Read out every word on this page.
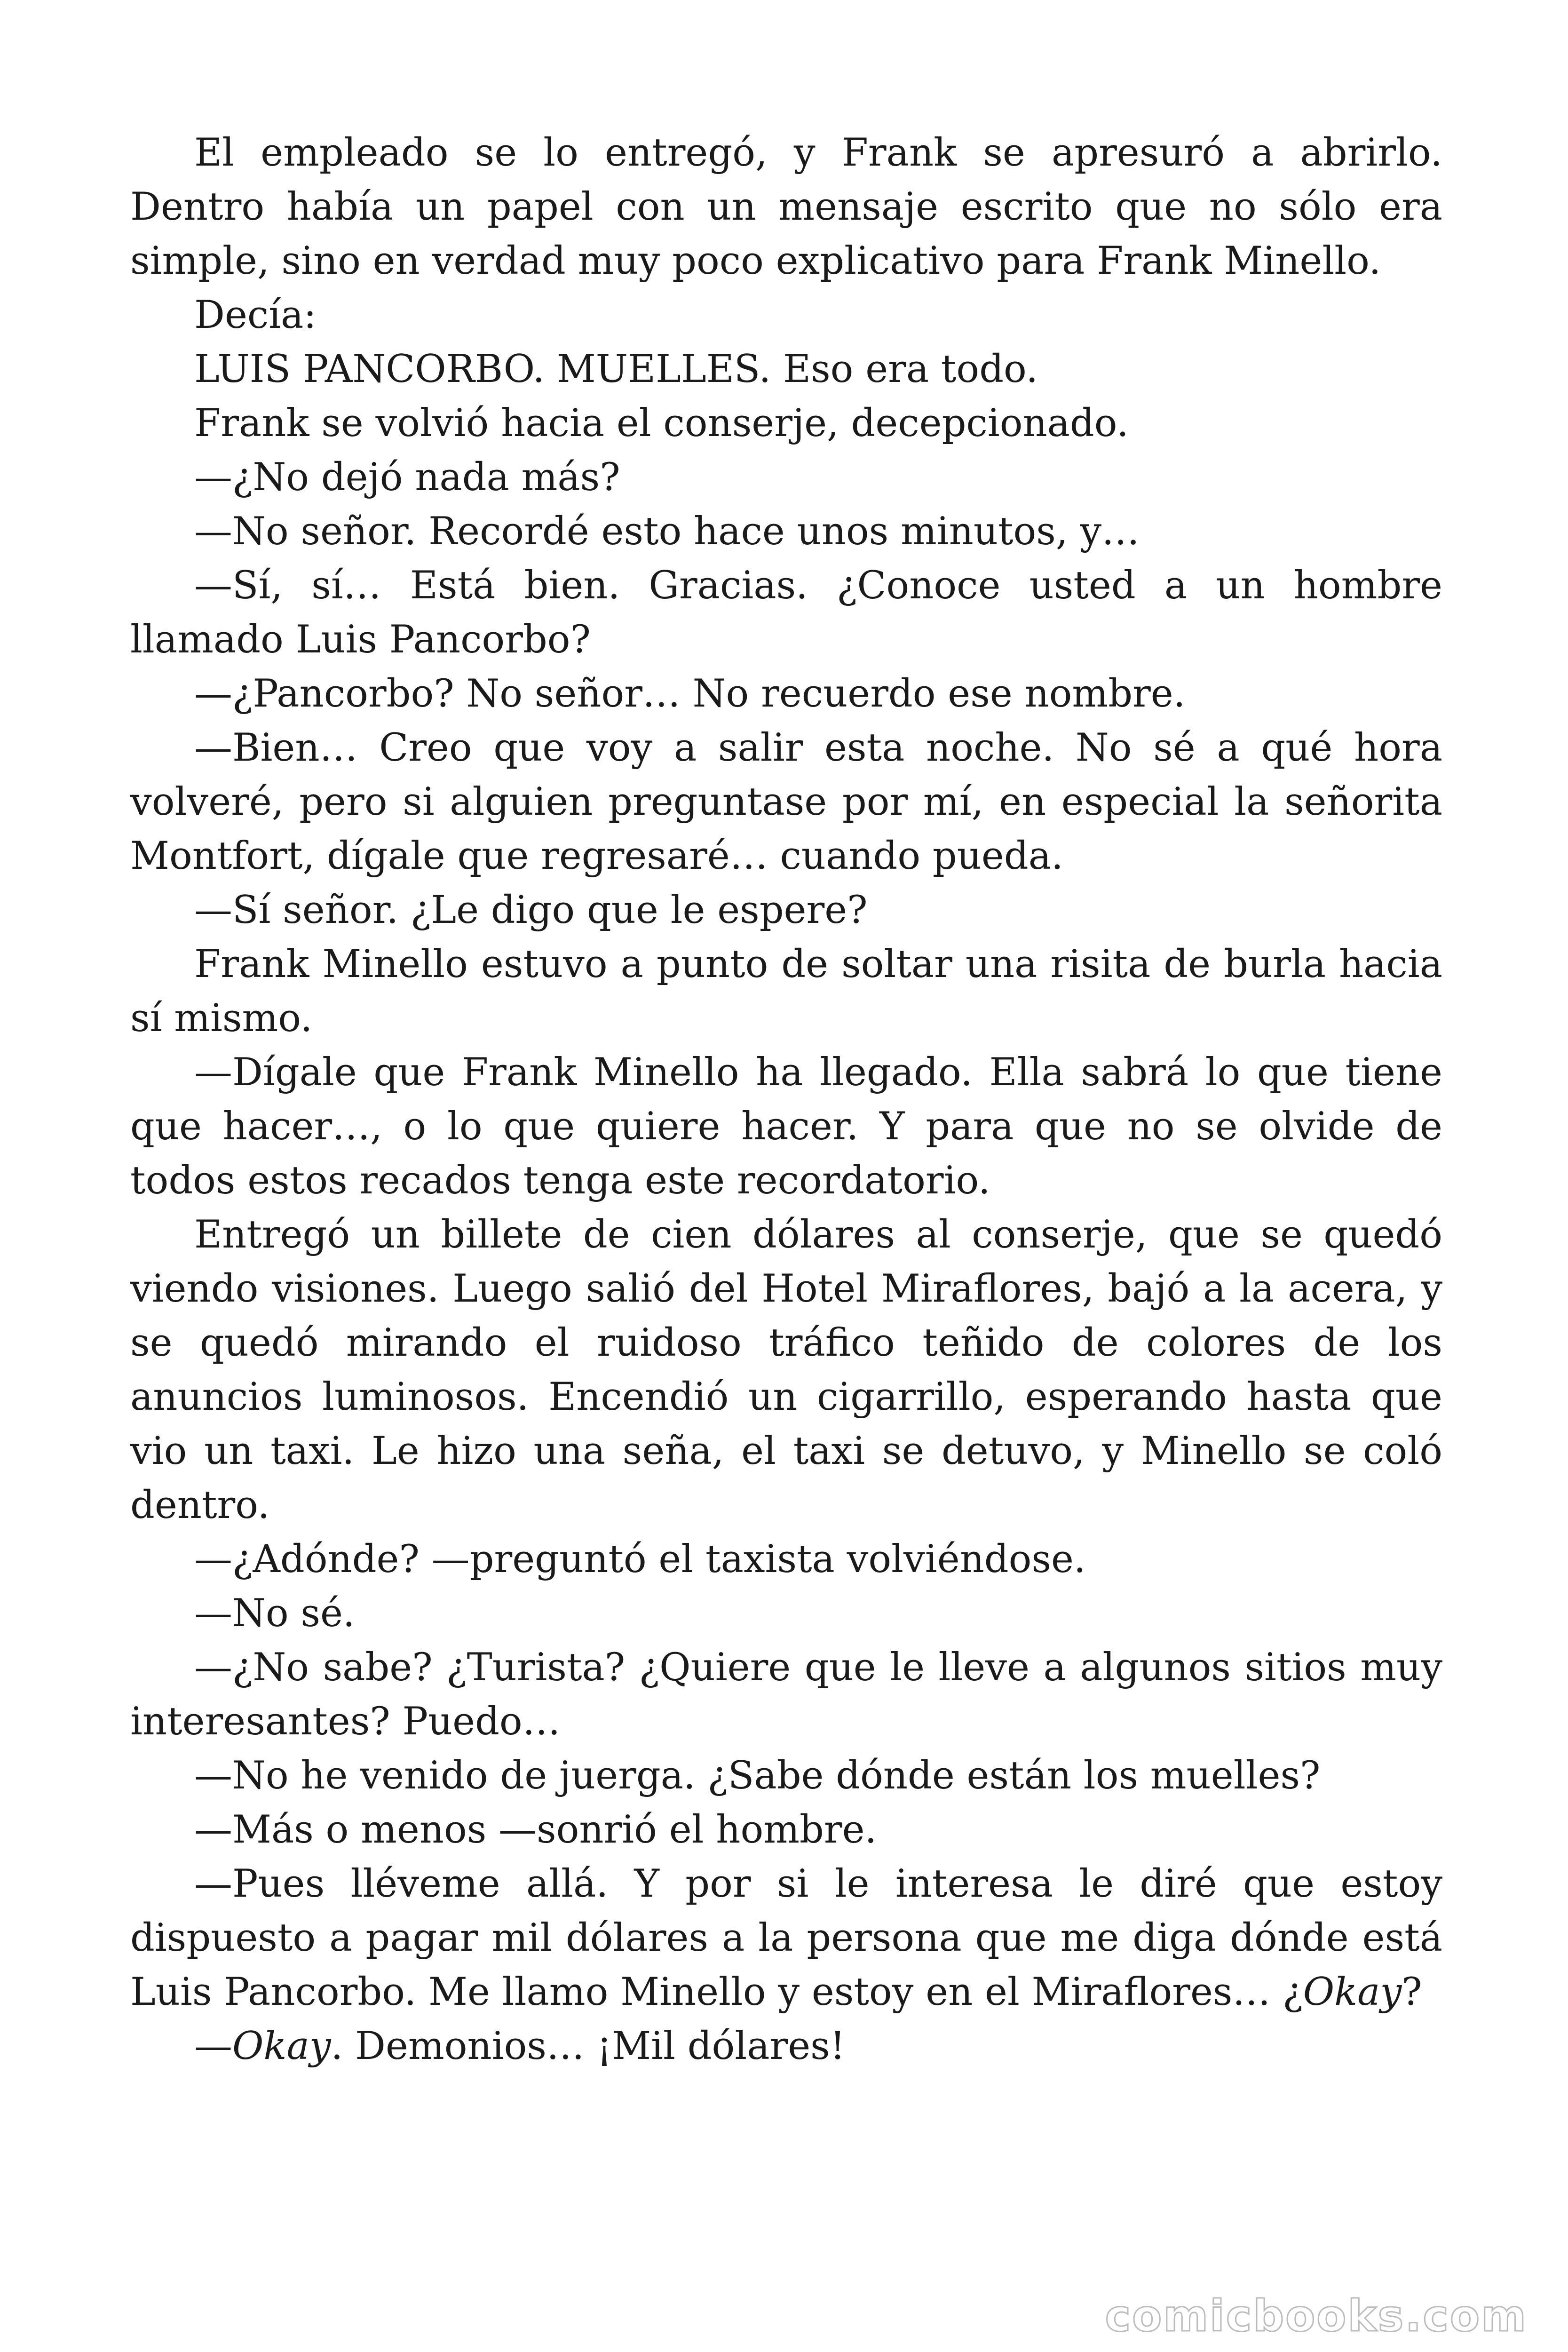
El empleado se lo entregó, y Frank se apresuró a abrirlo. Dentro había un papel con un mensaje escrito que no sólo era simple, sino en verdad muy poco explicativo para Frank Minello.

Decía:

LUIS PANCORBO. MUELLES. Eso era todo.

Frank se volvió hacia el conserje, decepcionado.

—¿No dejó nada más?

—No señor. Recordé esto hace unos minutos, y…

—Sí, sí… Está bien. Gracias. ¿Conoce usted a un hombre llamado Luis Pancorbo?

—¿Pancorbo? No señor… No recuerdo ese nombre.

—Bien… Creo que voy a salir esta noche. No sé a qué hora volveré, pero si alguien preguntase por mí, en especial la señorita Montfort, dígale que regresaré… cuando pueda.

—Sí señor. ¿Le digo que le espere?

Frank Minello estuvo a punto de soltar una risita de burla hacia sí mismo.

—Dígale que Frank Minello ha llegado. Ella sabrá lo que tiene que hacer…, o lo que quiere hacer. Y para que no se olvide de todos estos recados tenga este recordatorio.

Entregó un billete de cien dólares al conserje, que se quedó viendo visiones. Luego salió del Hotel Miraflores, bajó a la acera, y se quedó mirando el ruidoso tráfico teñido de colores de los anuncios luminosos. Encendió un cigarrillo, esperando hasta que vio un taxi. Le hizo una seña, el taxi se detuvo, y Minello se coló dentro.

—¿Adónde? —preguntó el taxista volviéndose.

—No sé.

—¿No sabe? ¿Turista? ¿Quiere que le lleve a algunos sitios muy interesantes? Puedo…

—No he venido de juerga. ¿Sabe dónde están los muelles?

—Más o menos —sonrió el hombre.

—Pues lléveme allá. Y por si le interesa le diré que estoy dispuesto a pagar mil dólares a la persona que me diga dónde está Luis Pancorbo. Me llamo Minello y estoy en el Miraflores… ¿Okay?

—Okay. Demonios… ¡Mil dólares!

comicbooks.com
